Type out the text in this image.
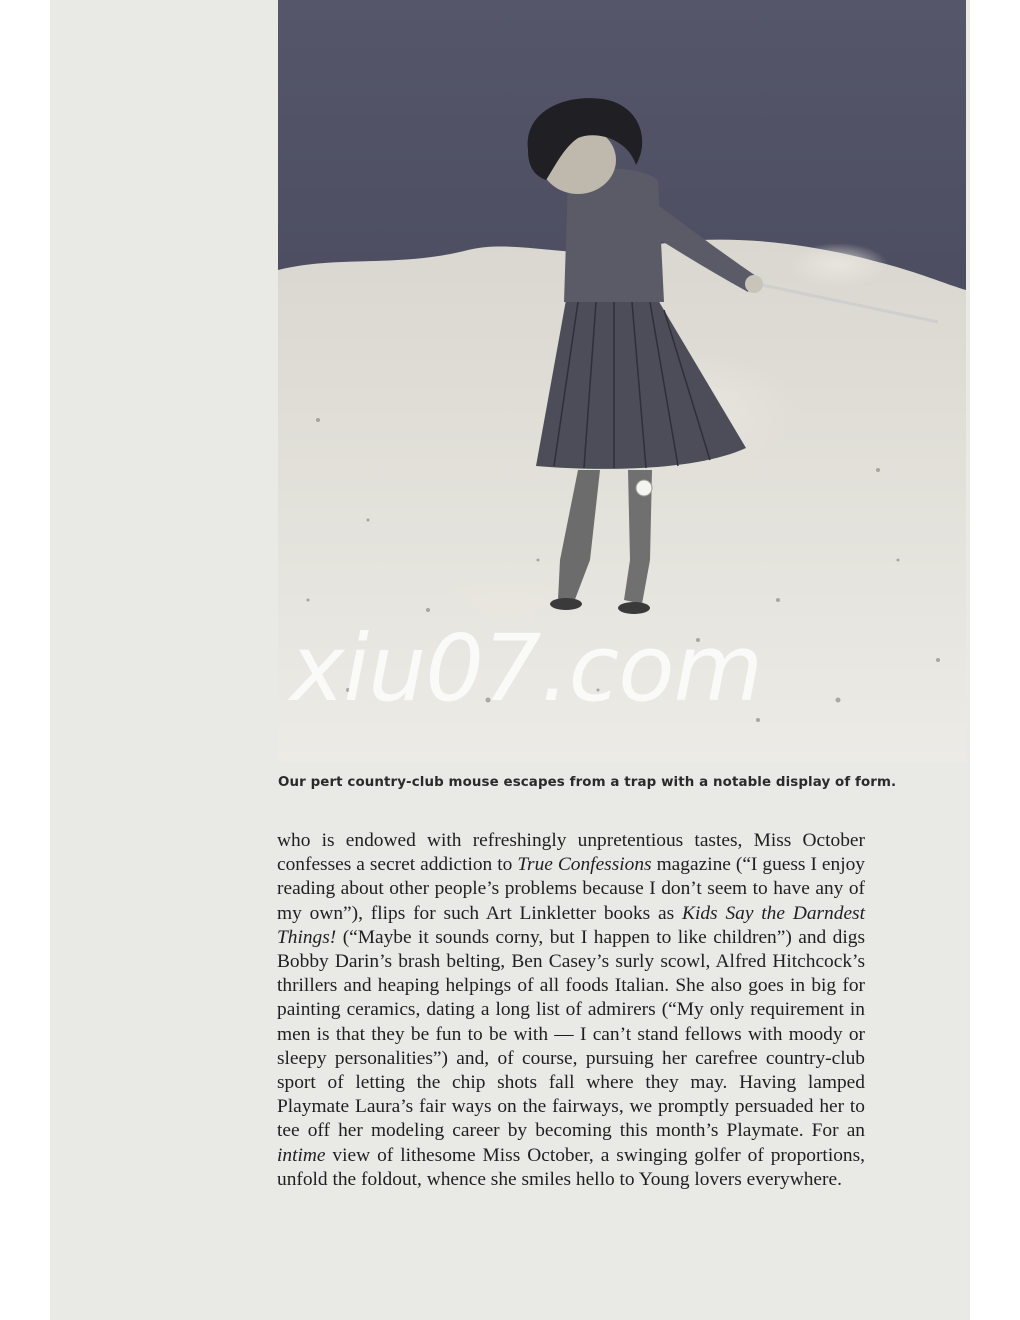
xiu07.com
Our pert country-club mouse escapes from a trap with a notable display of form.
who is endowed with refreshingly unpretentious tastes, Miss October confesses a secret addiction to True Confessions magazine (“I guess I enjoy reading about other people’s problems because I don’t seem to have any of my own”), flips for such Art Linkletter books as Kids Say the Darndest Things! (“Maybe it sounds corny, but I happen to like children”) and digs Bobby Darin’s brash belting, Ben Casey’s surly scowl, Alfred Hitchcock’s thrillers and heaping helpings of all foods Italian. She also goes in big for painting ceramics, dating a long list of admirers (“My only requirement in men is that they be fun to be with — I can’t stand fellows with moody or sleepy personalities”) and, of course, pursuing her carefree country-club sport of letting the chip shots fall where they may. Having lamped Playmate Laura’s fair ways on the fairways, we promptly persuaded her to tee off her modeling career by becoming this month’s Playmate. For an intime view of lithesome Miss October, a swinging golfer of proportions, unfold the foldout, whence she smiles hello to Young lovers everywhere.
